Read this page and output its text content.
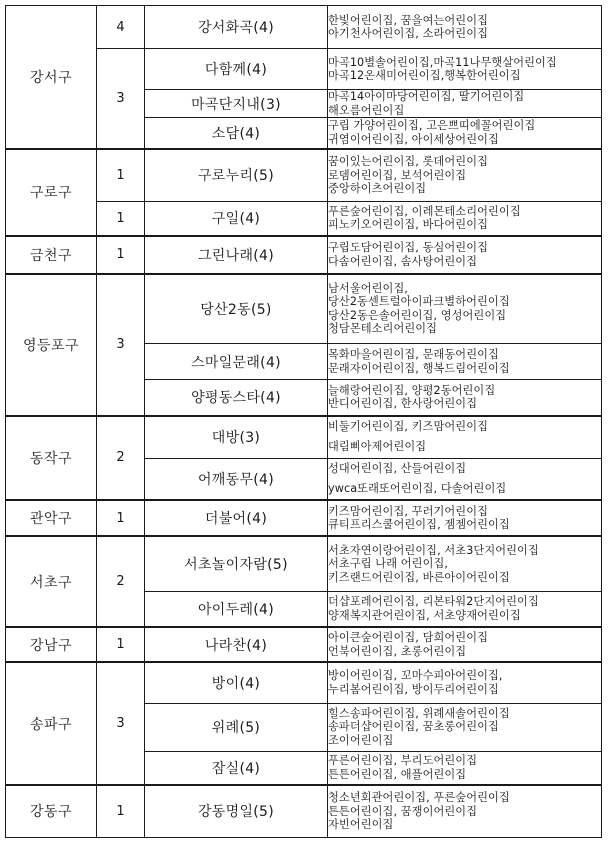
강서구	4	강서화곡(4)	한빛어린이집, 꿈을여는어린이집
아기천사어린이집, 소라어린이집

	3	다함께(4)	마곡10별솔어린이집,마곡11나무햇살어린이집
마곡12온새미어린이집,행복한어린이집

		마곡단지내(3)	마곡14아이마당어린이집, 딸기어린이집
해오름어린이집

		소담(4)	구립 가양어린이집, 고은쁘띠에꼴어린이집
귀염이어린이집, 아이세상어린이집

구로구	1	구로누리(5)	꿈이있는어린이집, 롯데어린이집
로뎀어린이집, 보석어린이집
중앙하이츠어린이집

	1	구일(4)	푸른숲어린이집, 이레몬테소리어린이집
피노키오어린이집, 바다어린이집

금천구	1	그린나래(4)	구립도담어린이집, 동심어린이집
다솜어린이집, 솜사탕어린이집

영등포구	3	당산2동(5)	남서울어린이집,
당산2동센트럴아이파크별하어린이집
당산2동은솔어린이집, 영성어린이집
청담몬테소리어린이집

		스마일문래(4)	목화마을어린이집, 문래동어린이집
문래자이어린이집, 행복드림어린이집

		양평동스타(4)	늘해랑어린이집, 양평2동어린이집
반디어린이집, 한사랑어린이집

동작구	2	대방(3)	비둘기어린이집, 키즈맘어린이집
대림삐아제어린이집

		어깨동무(4)	성대어린이집, 산들어린이집
ywca또래또어린이집, 다솔어린이집

관악구	1	더불어(4)	키즈맘어린이집, 꾸러기어린이집
큐티프리스쿨어린이집, 젬젬어린이집

서초구	2	서초놀이자람(5)	서초자연이랑어린이집, 서초3단지어린이집
서초구립 나래 어린이집,
키즈랜드어린이집, 바른아이어린이집

		아이두레(4)	더샵포레어린이집, 리본타워2단지어린이집
양재복지관어린이집, 서초양재어린이집

강남구	1	나라찬(4)	아이큰숲어린이집, 담희어린이집
언북어린이집, 초롱어린이집

송파구	3	방이(4)	방이어린이집, 꼬마수피아어린이집,
누리봄어린이집, 방이두리어린이집

		위례(5)	힐스송파어린이집, 위례새솔어린이집
송파더샵어린이집, 꿈초롱어린이집
조이어린이집

		잠실(4)	푸른어린이집, 부리도어린이집
튼튼어린이집, 애플어린이집

강동구	1	강동명일(5)	청소년회관어린이집, 푸른숲어린이집
튼튼어린이집, 꿈쟁이어린이집
자빈어린이집
